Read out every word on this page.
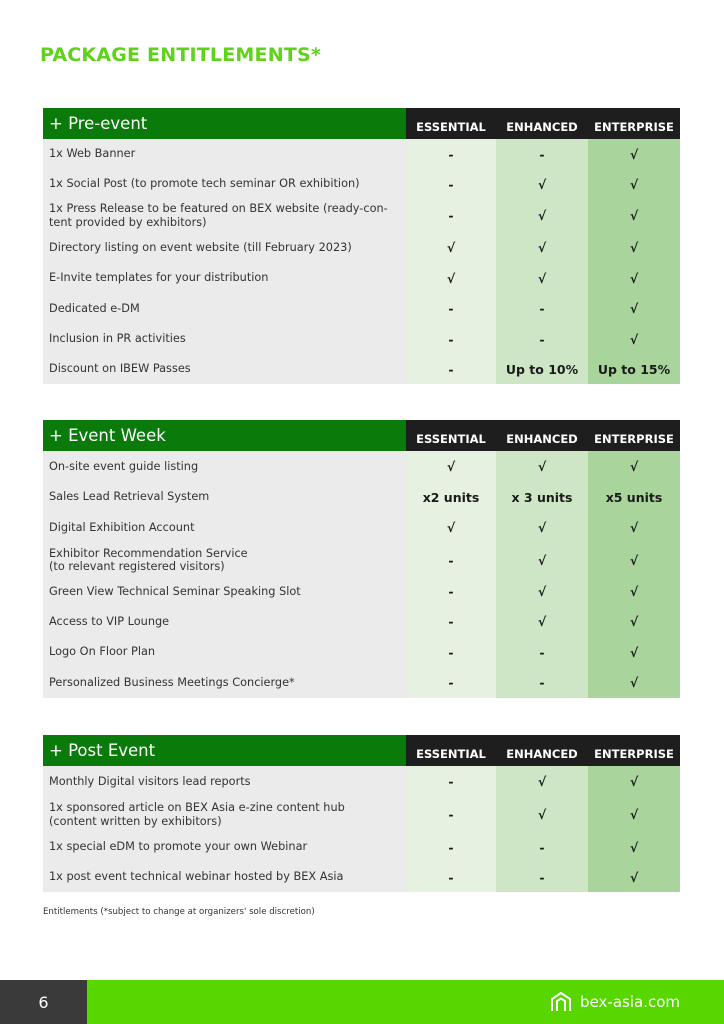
PACKAGE ENTITLEMENTS*
+ Pre-event	ESSENTIAL	ENHANCED	ENTERPRISE
1x Web Banner	-	-	√
1x Social Post (to promote tech seminar OR exhibition)	-	√	√
1x Press Release to be featured on BEX website (ready-con-
tent provided by exhibitors)	-	√	√
Directory listing on event website (till February 2023)	√	√	√
E-Invite templates for your distribution	√	√	√
Dedicated e-DM	-	-	√
Inclusion in PR activities	-	-	√
Discount on IBEW Passes	-	Up to 10%	Up to 15%
+ Event Week	ESSENTIAL	ENHANCED	ENTERPRISE
On-site event guide listing	√	√	√
Sales Lead Retrieval System	x2 units	x 3 units	x5 units
Digital Exhibition Account	√	√	√
Exhibitor Recommendation Service
(to relevant registered visitors)	-	√	√
Green View Technical Seminar Speaking Slot	-	√	√
Access to VIP Lounge	-	√	√
Logo On Floor Plan	-	-	√
Personalized Business Meetings Concierge*	-	-	√
+ Post Event	ESSENTIAL	ENHANCED	ENTERPRISE
Monthly Digital visitors lead reports	-	√	√
1x sponsored article on BEX Asia e-zine content hub
(content written by exhibitors)	-	√	√
1x special eDM to promote your own Webinar	-	-	√
1x post event technical webinar hosted by BEX Asia	-	-	√
Entitlements (*subject to change at organizers' sole discretion)
6	bex-asia.com
